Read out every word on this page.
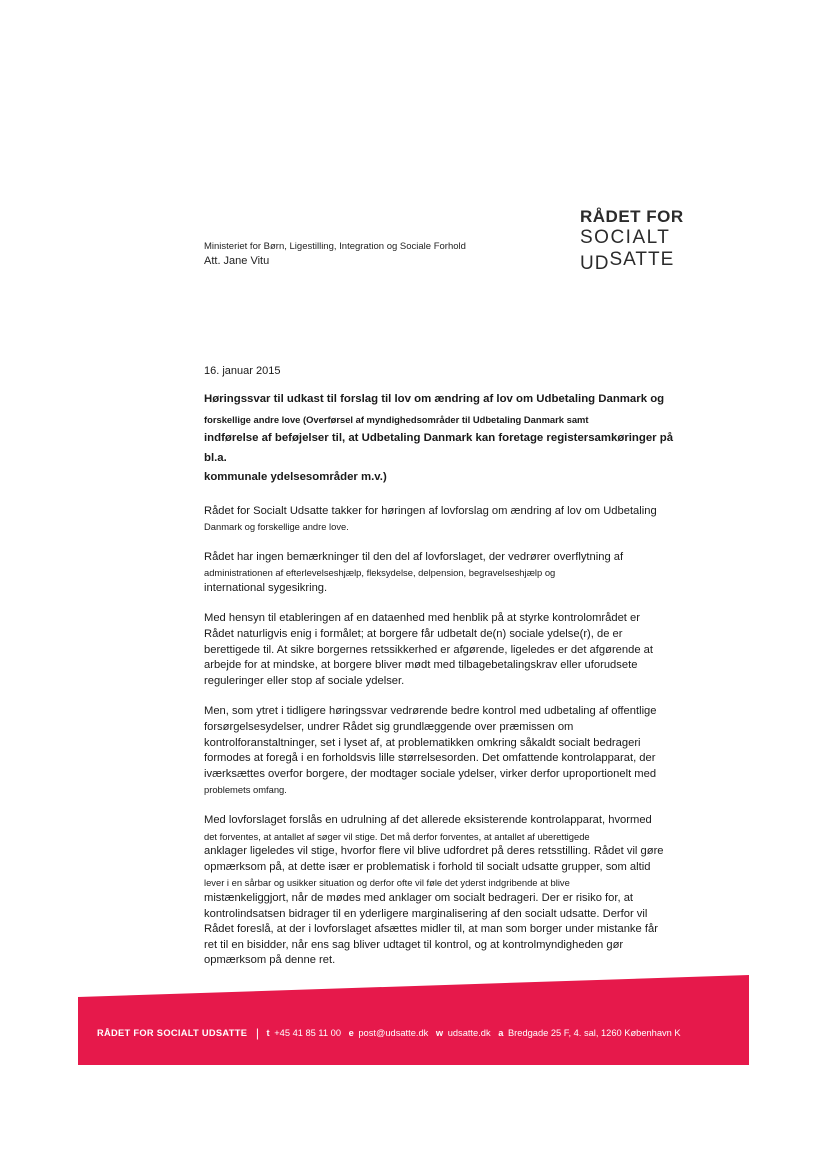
Ministeriet for Børn, Ligestilling, Integration og Sociale Forhold
Att. Jane Vitu
RÅDET FOR
SOCIALT
UDSATTE
16. januar 2015
Høringssvar til udkast til forslag til lov om ændring af lov om Udbetaling Danmark og
forskellige andre love (Overførsel af myndighedsområder til Udbetaling Danmark samt
indførelse af beføjelser til, at Udbetaling Danmark kan foretage registersamkøringer på bl.a.
kommunale ydelsesområder m.v.)
Rådet for Socialt Udsatte takker for høringen af lovforslag om ændring af lov om Udbetaling
Danmark og forskellige andre love.
Rådet har ingen bemærkninger til den del af lovforslaget, der vedrører overflytning af
administrationen af efterlevelseshjælp, fleksydelse, delpension, begravelseshjælp og
international sygesikring.
Med hensyn til etableringen af en dataenhed med henblik på at styrke kontrolområdet er
Rådet naturligvis enig i formålet; at borgere får udbetalt de(n) sociale ydelse(r), de er
berettigede til. At sikre borgernes retssikkerhed er afgørende, ligeledes er det afgørende at
arbejde for at mindske, at borgere bliver mødt med tilbagebetalingskrav eller uforudsete
reguleringer eller stop af sociale ydelser.
Men, som ytret i tidligere høringssvar vedrørende bedre kontrol med udbetaling af offentlige
forsørgelsesydelser, undrer Rådet sig grundlæggende over præmissen om
kontrolforanstaltninger, set i lyset af, at problematikken omkring såkaldt socialt bedrageri
formodes at foregå i en forholdsvis lille størrelsesorden. Det omfattende kontrolapparat, der
iværksættes overfor borgere, der modtager sociale ydelser, virker derfor uproportionelt med
problemets omfang.
Med lovforslaget forslås en udrulning af det allerede eksisterende kontrolapparat, hvormed
det forventes, at antallet af søger vil stige. Det må derfor forventes, at antallet af uberettigede
anklager ligeledes vil stige, hvorfor flere vil blive udfordret på deres retsstilling. Rådet vil gøre
opmærksom på, at dette især er problematisk i forhold til socialt udsatte grupper, som altid
lever i en sårbar og usikker situation og derfor ofte vil føle det yderst indgribende at blive
mistænkeliggjort, når de mødes med anklager om socialt bedrageri. Der er risiko for, at
kontrolindsatsen bidrager til en yderligere marginalisering af den socialt udsatte. Derfor vil
Rådet foreslå, at der i lovforslaget afsættes midler til, at man som borger under mistanke får
ret til en bisidder, når ens sag bliver udtaget til kontrol, og at kontrolmyndigheden gør
opmærksom på denne ret.
RÅDET FOR SOCIALT UDSATTE | t +45 41 85 11 00 e post@udsatte.dk w udsatte.dk a Bredgade 25 F, 4. sal, 1260 København K
